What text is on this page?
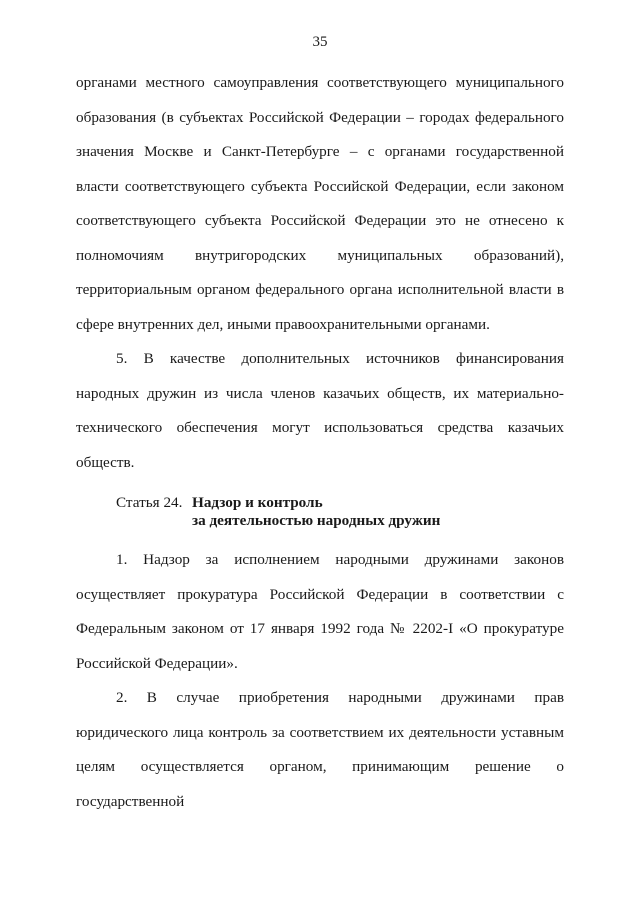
35

органами местного самоуправления соответствующего муниципального образования (в субъектах Российской Федерации – городах федерального значения Москве и Санкт-Петербурге – с органами государственной власти соответствующего субъекта Российской Федерации, если законом соответствующего субъекта Российской Федерации это не отнесено к полномочиям внутригородских муниципальных образований), территориальным органом федерального органа исполнительной власти в сфере внутренних дел, иными правоохранительными органами.

5. В качестве дополнительных источников финансирования народных дружин из числа членов казачьих обществ, их материально-технического обеспечения могут использоваться средства казачьих обществ.

Статья 24. Надзор и контроль
за деятельностью народных дружин

1. Надзор за исполнением народными дружинами законов осуществляет прокуратура Российской Федерации в соответствии с Федеральным законом от 17 января 1992 года № 2202-I «О прокуратуре Российской Федерации».

2. В случае приобретения народными дружинами прав юридического лица контроль за соответствием их деятельности уставным целям осуществляется органом, принимающим решение о государственной
